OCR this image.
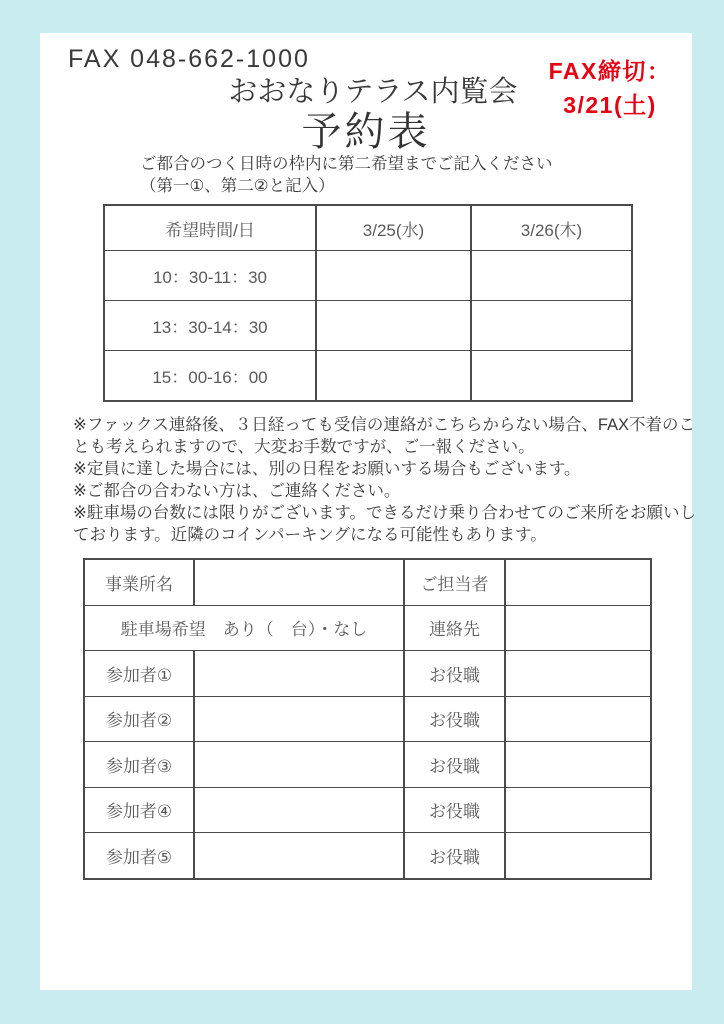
FAX 048-662-1000	FAX締切：
3/21(土)
おおなりテラス内覧会
予約表
ご都合のつく日時の枠内に第二希望までご記入ください
（第一①、第二②と記入）
希望時間/日	3/25(水)	3/26(木)
10：30-11：30		
13：30-14：30		
15：00-16：00		

※ファックス連絡後、３日経っても受信の連絡がこちらからない場合、FAX不着のことも考えられますので、大変お手数ですが、ご一報ください。

※定員に達した場合には、別の日程をお願いする場合もございます。

※ご都合の合わない方は、ご連絡ください。

※駐車場の台数には限りがございます。できるだけ乗り合わせてのご来所をお願いしております。近隣のコインパーキングになる可能性もあります。

事業所名		ご担当者	
駐車場希望　あり（　台）・なし		連絡先	
参加者①		お役職	
参加者②		お役職	
参加者③		お役職	
参加者④		お役職	
参加者⑤		お役職	
